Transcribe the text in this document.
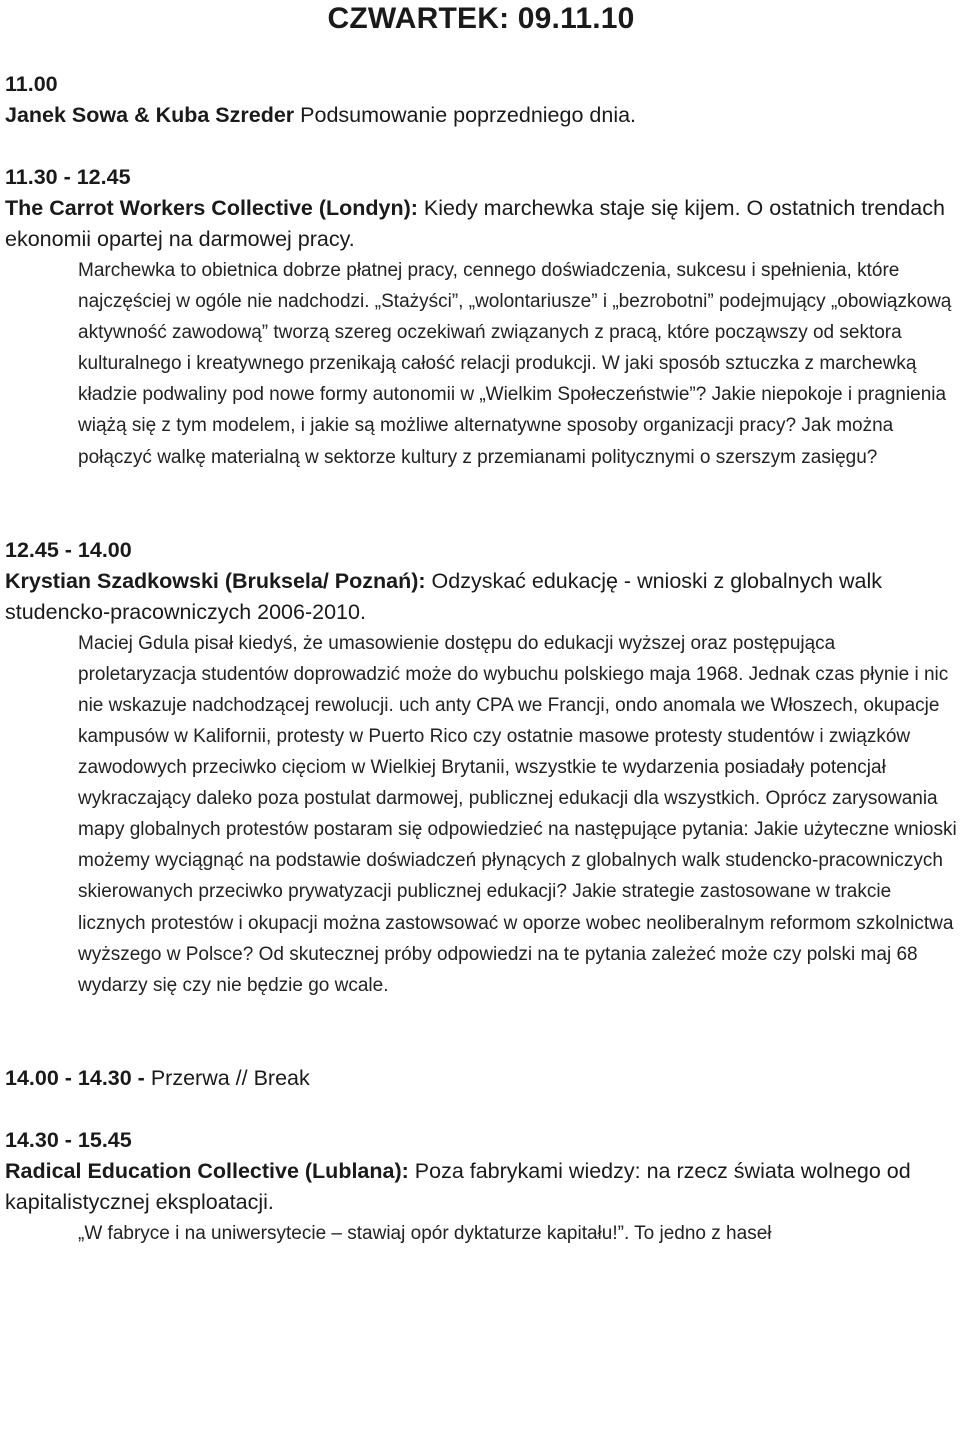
CZWARTEK: 09.11.10
11.00
Janek Sowa & Kuba Szreder Podsumowanie poprzedniego dnia.
11.30 - 12.45
The Carrot Workers Collective (Londyn): Kiedy marchewka staje się kijem. O ostatnich trendach ekonomii opartej na darmowej pracy.
Marchewka to obietnica dobrze płatnej pracy, cennego doświadczenia, sukcesu i spełnienia, które najczęściej w ogóle nie nadchodzi. „Stażyści”, „wolontariusze” i „bezrobotni” podejmujący „obowiązkową aktywność zawodową” tworzą szereg oczekiwań związanych z pracą, które począwszy od sektora kulturalnego i kreatywnego przenikają całość relacji produkcji. W jaki sposób sztuczka z marchewką kładzie podwaliny pod nowe formy autonomii w „Wielkim Społeczeństwie”? Jakie niepokoje i pragnienia wiążą się z tym modelem, i jakie są możliwe alternatywne sposoby organizacji pracy? Jak można połączyć walkę materialną w sektorze kultury z przemianami politycznymi o szerszym zasięgu?
12.45 - 14.00
Krystian Szadkowski (Bruksela/ Poznań): Odzyskać edukację - wnioski z globalnych walk studencko-pracowniczych 2006-2010.
Maciej Gdula pisał kiedyś, że umasowienie dostępu do edukacji wyższej oraz postępująca proletaryzacja studentów doprowadzić może do wybuchu polskiego maja 1968. Jednak czas płynie i nic nie wskazuje nadchodzącej rewolucji. uch anty CPA we Francji, ondo anomala we Włoszech, okupacje kampusów w Kalifornii, protesty w Puerto Rico czy ostatnie masowe protesty studentów i związków zawodowych przeciwko cięciom w Wielkiej Brytanii, wszystkie te wydarzenia posiadały potencjał wykraczający daleko poza postulat darmowej, publicznej edukacji dla wszystkich. Oprócz zarysowania mapy globalnych protestów postaram się odpowiedzieć na następujące pytania: Jakie użyteczne wnioski możemy wyciągnąć na podstawie doświadczeń płynących z globalnych walk studencko-pracowniczych skierowanych przeciwko prywatyzacji publicznej edukacji? Jakie strategie zastosowane w trakcie licznych protestów i okupacji można zastowsować w oporze wobec neoliberalnym reformom szkolnictwa wyższego w Polsce? Od skutecznej próby odpowiedzi na te pytania zależeć może czy polski maj 68 wydarzy się czy nie będzie go wcale.
14.00 - 14.30 - Przerwa // Break
14.30 - 15.45
Radical Education Collective (Lublana): Poza fabrykami wiedzy: na rzecz świata wolnego od kapitalistycznej eksploatacji.
„W fabryce i na uniwersytecie – stawiaj opór dyktaturze kapitału!”. To jedno z haseł
